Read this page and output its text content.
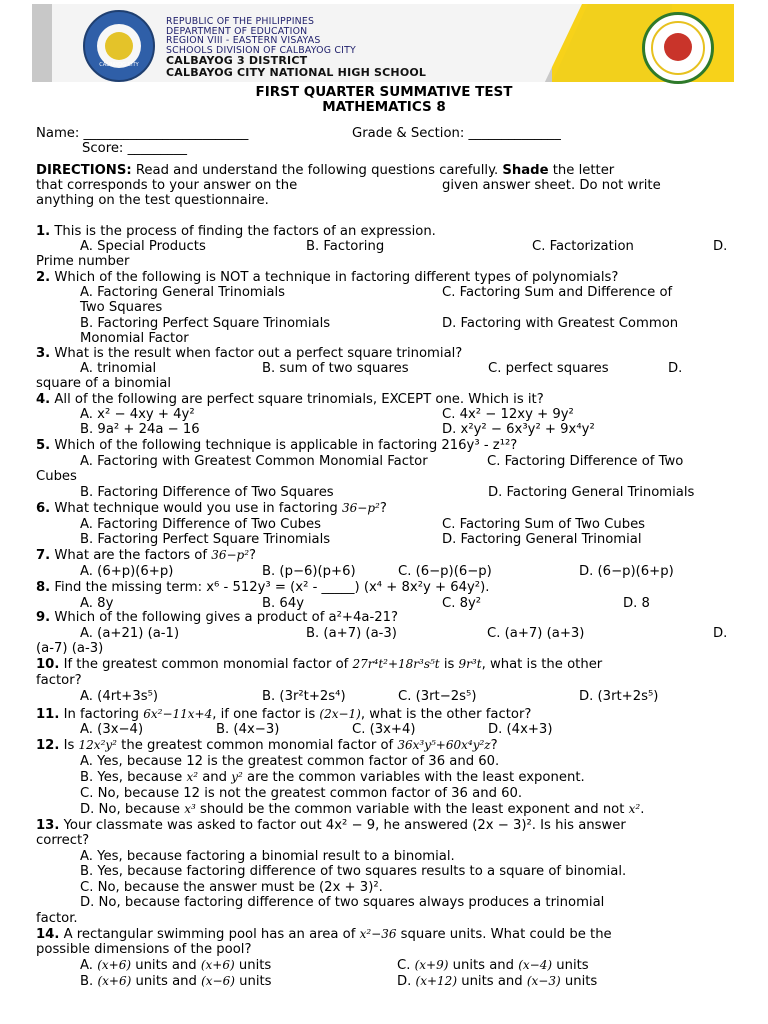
CALBAYOG CITY
REPUBLIC OF THE PHILIPPINES
DEPARTMENT OF EDUCATION
REGION VIII - EASTERN VISAYAS
SCHOOLS DIVISION OF CALBAYOG CITY
CALBAYOG 3 DISTRICT
CALBAYOG CITY NATIONAL HIGH SCHOOL
FIRST QUARTER SUMMATIVE TEST
MATHEMATICS 8
Name: _________________________	Grade & Section: ______________
Score: _________
DIRECTIONS: Read and understand the following questions carefully. Shade the letter
that corresponds to your answer on the	given answer sheet. Do not write
anything on the test questionnaire.
1. This is the process of finding the factors of an expression.
A. Special Products	B. Factoring	C. Factorization	D.
Prime number
2. Which of the following is NOT a technique in factoring different types of polynomials?
A. Factoring General Trinomials	C. Factoring Sum and Difference of
Two Squares
B. Factoring Perfect Square Trinomials	D. Factoring with Greatest Common
Monomial Factor
3. What is the result when factor out a perfect square trinomial?
A. trinomial	B. sum of two squares	C. perfect squares	D.
square of a binomial
4. All of the following are perfect square trinomials, EXCEPT one. Which is it?
A. x² − 4xy + 4y²	C. 4x² − 12xy + 9y²
B. 9a² + 24a − 16	D. x²y² − 6x³y² + 9x⁴y²
5. Which of the following technique is applicable in factoring 216y³ - z¹²?
A. Factoring with Greatest Common Monomial Factor	C. Factoring Difference of Two
Cubes
B. Factoring Difference of Two Squares	D. Factoring General Trinomials
6. What technique would you use in factoring 36−p²?
A. Factoring Difference of Two Cubes	C. Factoring Sum of Two Cubes
B. Factoring Perfect Square Trinomials	D. Factoring General Trinomial
7. What are the factors of 36−p²?
A. (6+p)(6+p)	B. (p−6)(p+6)	C. (6−p)(6−p)	D. (6−p)(6+p)
8. Find the missing term: x⁶ - 512y³ = (x² - _____) (x⁴ + 8x²y + 64y²).
A. 8y	B. 64y	C. 8y²	D. 8
9. Which of the following gives a product of a²+4a-21?
A. (a+21) (a-1)	B. (a+7) (a-3)	C. (a+7) (a+3)	D.
(a-7) (a-3)
10. If the greatest common monomial factor of 27r⁴t²+18r³s⁵t is 9r³t, what is the other
factor?
A. (4rt+3s⁵)	B. (3r²t+2s⁴)	C. (3rt−2s⁵)	D. (3rt+2s⁵)
11. In factoring 6x²−11x+4, if one factor is (2x−1), what is the other factor?
A. (3x−4)	B. (4x−3)	C. (3x+4)	D. (4x+3)
12. Is 12x²y² the greatest common monomial factor of 36x³y⁵+60x⁴y²z?
A. Yes, because 12 is the greatest common factor of 36 and 60.
B. Yes, because x² and y² are the common variables with the least exponent.
C. No, because 12 is not the greatest common factor of 36 and 60.
D. No, because x³ should be the common variable with the least exponent and not x².
13. Your classmate was asked to factor out 4x² − 9, he answered (2x − 3)². Is his answer
correct?
A. Yes, because factoring a binomial result to a binomial.
B. Yes, because factoring difference of two squares results to a square of binomial.
C. No, because the answer must be (2x + 3)².
D. No, because factoring difference of two squares always produces a trinomial
factor.
14. A rectangular swimming pool has an area of x²−36 square units. What could be the
possible dimensions of the pool?
A. (x+6) units and (x+6) units	C. (x+9) units and (x−4) units
B. (x+6) units and (x−6) units	D. (x+12) units and (x−3) units
